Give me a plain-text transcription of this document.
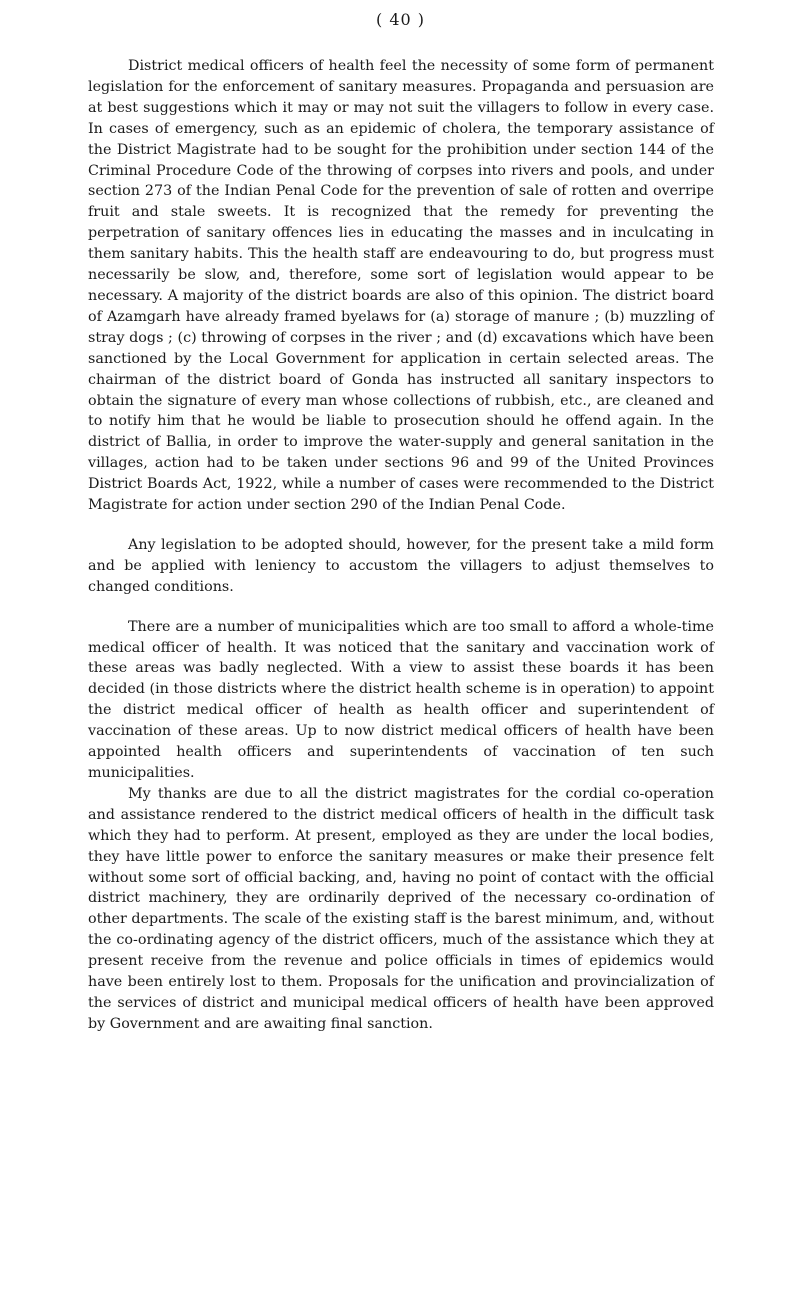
( 40 )

District medical officers of health feel the necessity of some form of permanent legislation for the enforcement of sanitary measures. Propaganda and persuasion are at best suggestions which it may or may not suit the villagers to follow in every case. In cases of emergency, such as an epidemic of cholera, the temporary assistance of the District Magistrate had to be sought for the prohibition under section 144 of the Criminal Procedure Code of the throwing of corpses into rivers and pools, and under section 273 of the Indian Penal Code for the prevention of sale of rotten and overripe fruit and stale sweets. It is recognized that the remedy for preventing the perpetration of sanitary offences lies in educating the masses and in inculcating in them sanitary habits. This the health staff are endeavouring to do, but progress must necessarily be slow, and, therefore, some sort of legislation would appear to be necessary. A majority of the district boards are also of this opinion. The district board of Azamgarh have already framed byelaws for (a) storage of manure ; (b) muzzling of stray dogs ; (c) throwing of corpses in the river ; and (d) excavations which have been sanctioned by the Local Government for application in certain selected areas. The chairman of the district board of Gonda has instructed all sanitary inspectors to obtain the signature of every man whose collections of rubbish, etc., are cleaned and to notify him that he would be liable to prosecution should he offend again. In the district of Ballia, in order to improve the water-supply and general sanitation in the villages, action had to be taken under sections 96 and 99 of the United Provinces District Boards Act, 1922, while a number of cases were recommended to the District Magistrate for action under section 290 of the Indian Penal Code.

Any legislation to be adopted should, however, for the present take a mild form and be applied with leniency to accustom the villagers to adjust themselves to changed conditions.

There are a number of municipalities which are too small to afford a whole-time medical officer of health. It was noticed that the sanitary and vaccination work of these areas was badly neglected. With a view to assist these boards it has been decided (in those districts where the district health scheme is in operation) to appoint the district medical officer of health as health officer and superintendent of vaccination of these areas. Up to now district medical officers of health have been appointed health officers and superintendents of vaccination of ten such municipalities.

My thanks are due to all the district magistrates for the cordial co-operation and assistance rendered to the district medical officers of health in the difficult task which they had to perform. At present, employed as they are under the local bodies, they have little power to enforce the sanitary measures or make their presence felt without some sort of official backing, and, having no point of contact with the official district machinery, they are ordinarily deprived of the necessary co-ordination of other departments. The scale of the existing staff is the barest minimum, and, without the co-ordinating agency of the district officers, much of the assistance which they at present receive from the revenue and police officials in times of epidemics would have been entirely lost to them. Proposals for the unification and provincialization of the services of district and municipal medical officers of health have been approved by Government and are awaiting final sanction.
